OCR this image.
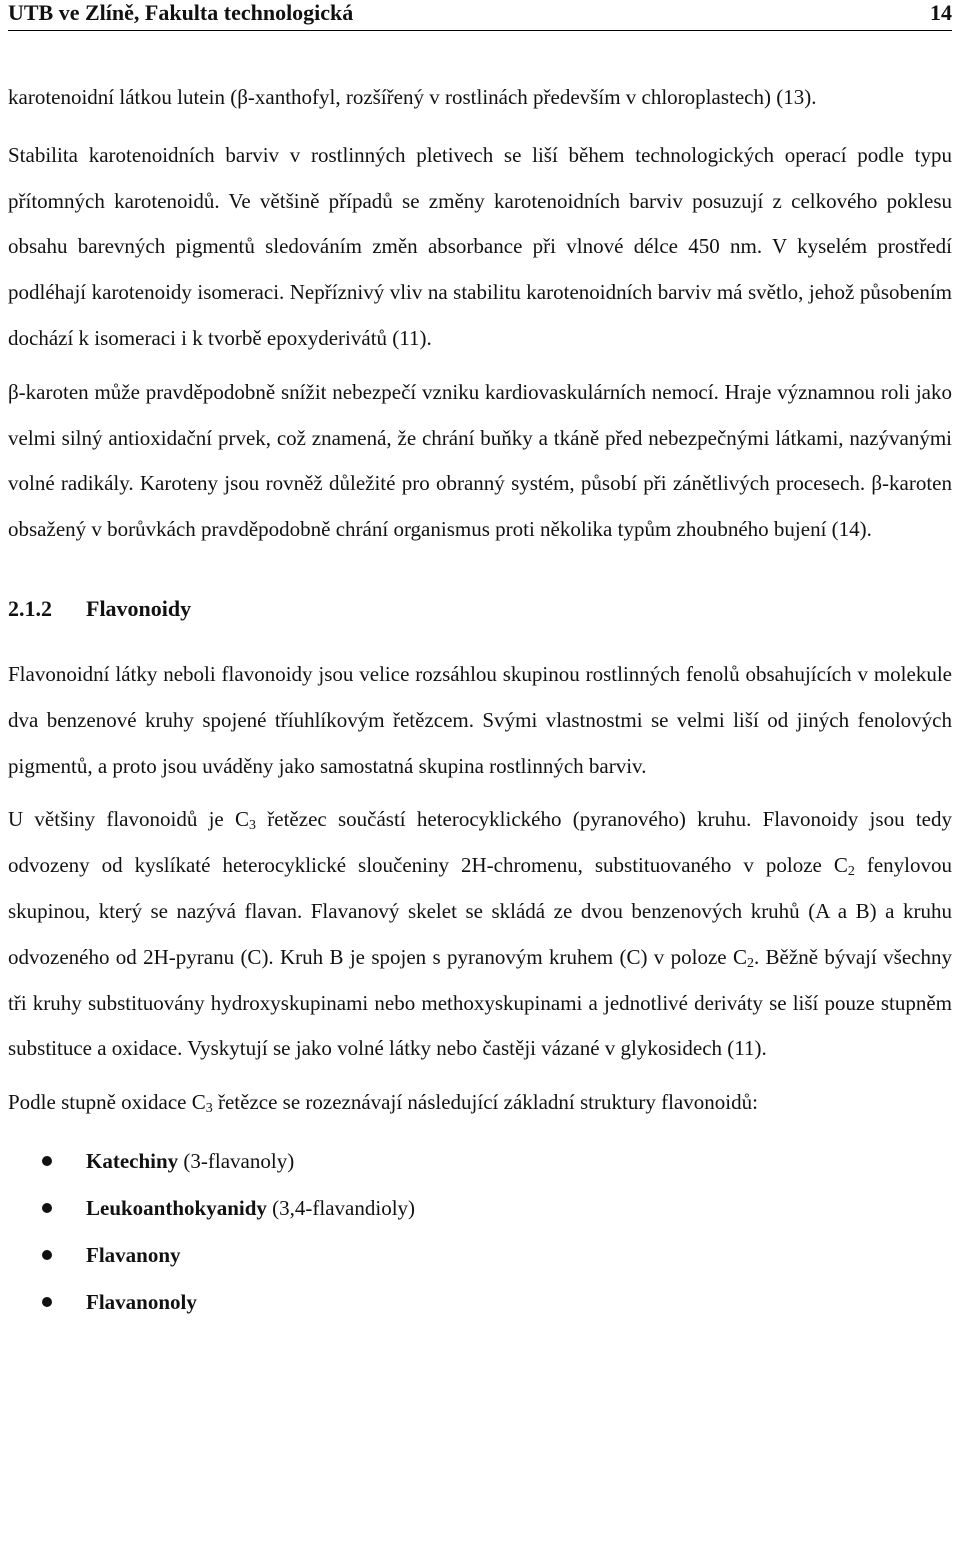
UTB ve Zlíně, Fakulta technologická	14

karotenoidní látkou lutein (β-xanthofyl, rozšířený v rostlinách především v chloroplastech) (13).

Stabilita karotenoidních barviv v rostlinných pletivech se liší během technologických operací podle typu přítomných karotenoidů. Ve většině případů se změny karotenoidních barviv posuzují z celkového poklesu obsahu barevných pigmentů sledováním změn absorbance při vlnové délce 450 nm. V kyselém prostředí podléhají karotenoidy isomeraci. Nepříznivý vliv na stabilitu karotenoidních barviv má světlo, jehož působením dochází k isomeraci i k tvorbě epoxyderivátů (11).

β-karoten může pravděpodobně snížit nebezpečí vzniku kardiovaskulárních nemocí. Hraje významnou roli jako velmi silný antioxidační prvek, což znamená, že chrání buňky a tkáně před nebezpečnými látkami, nazývanými volné radikály. Karoteny jsou rovněž důležité pro obranný systém, působí při zánětlivých procesech. β-karoten obsažený v borůvkách pravděpodobně chrání organismus proti několika typům zhoubného bujení (14).

2.1.2 Flavonoidy

Flavonoidní látky neboli flavonoidy jsou velice rozsáhlou skupinou rostlinných fenolů obsahujících v molekule dva benzenové kruhy spojené tříuhlíkovým řetězcem. Svými vlastnostmi se velmi liší od jiných fenolových pigmentů, a proto jsou uváděny jako samostatná skupina rostlinných barviv.

U většiny flavonoidů je $C_3$ řetězec součástí heterocyklického (pyranového) kruhu. Flavonoidy jsou tedy odvozeny od kyslíkaté heterocyklické sloučeniny 2H-chromenu, substituovaného v poloze $C_2$ fenylovou skupinou, který se nazývá flavan. Flavanový skelet se skládá ze dvou benzenových kruhů (A a B) a kruhu odvozeného od 2H-pyranu (C). Kruh B je spojen s pyranovým kruhem (C) v poloze $C_2$. Běžně bývají všechny tři kruhy substituovány hydroxyskupinami nebo methoxyskupinami a jednotlivé deriváty se liší pouze stupněm substituce a oxidace. Vyskytují se jako volné látky nebo častěji vázané v glykosidech (11).

Podle stupně oxidace $C_3$ řetězce se rozeznávají následující základní struktury flavonoidů:

Katechiny (3-flavanoly)
Leukoanthokyanidy (3,4-flavandioly)
Flavanony
Flavanonoly
